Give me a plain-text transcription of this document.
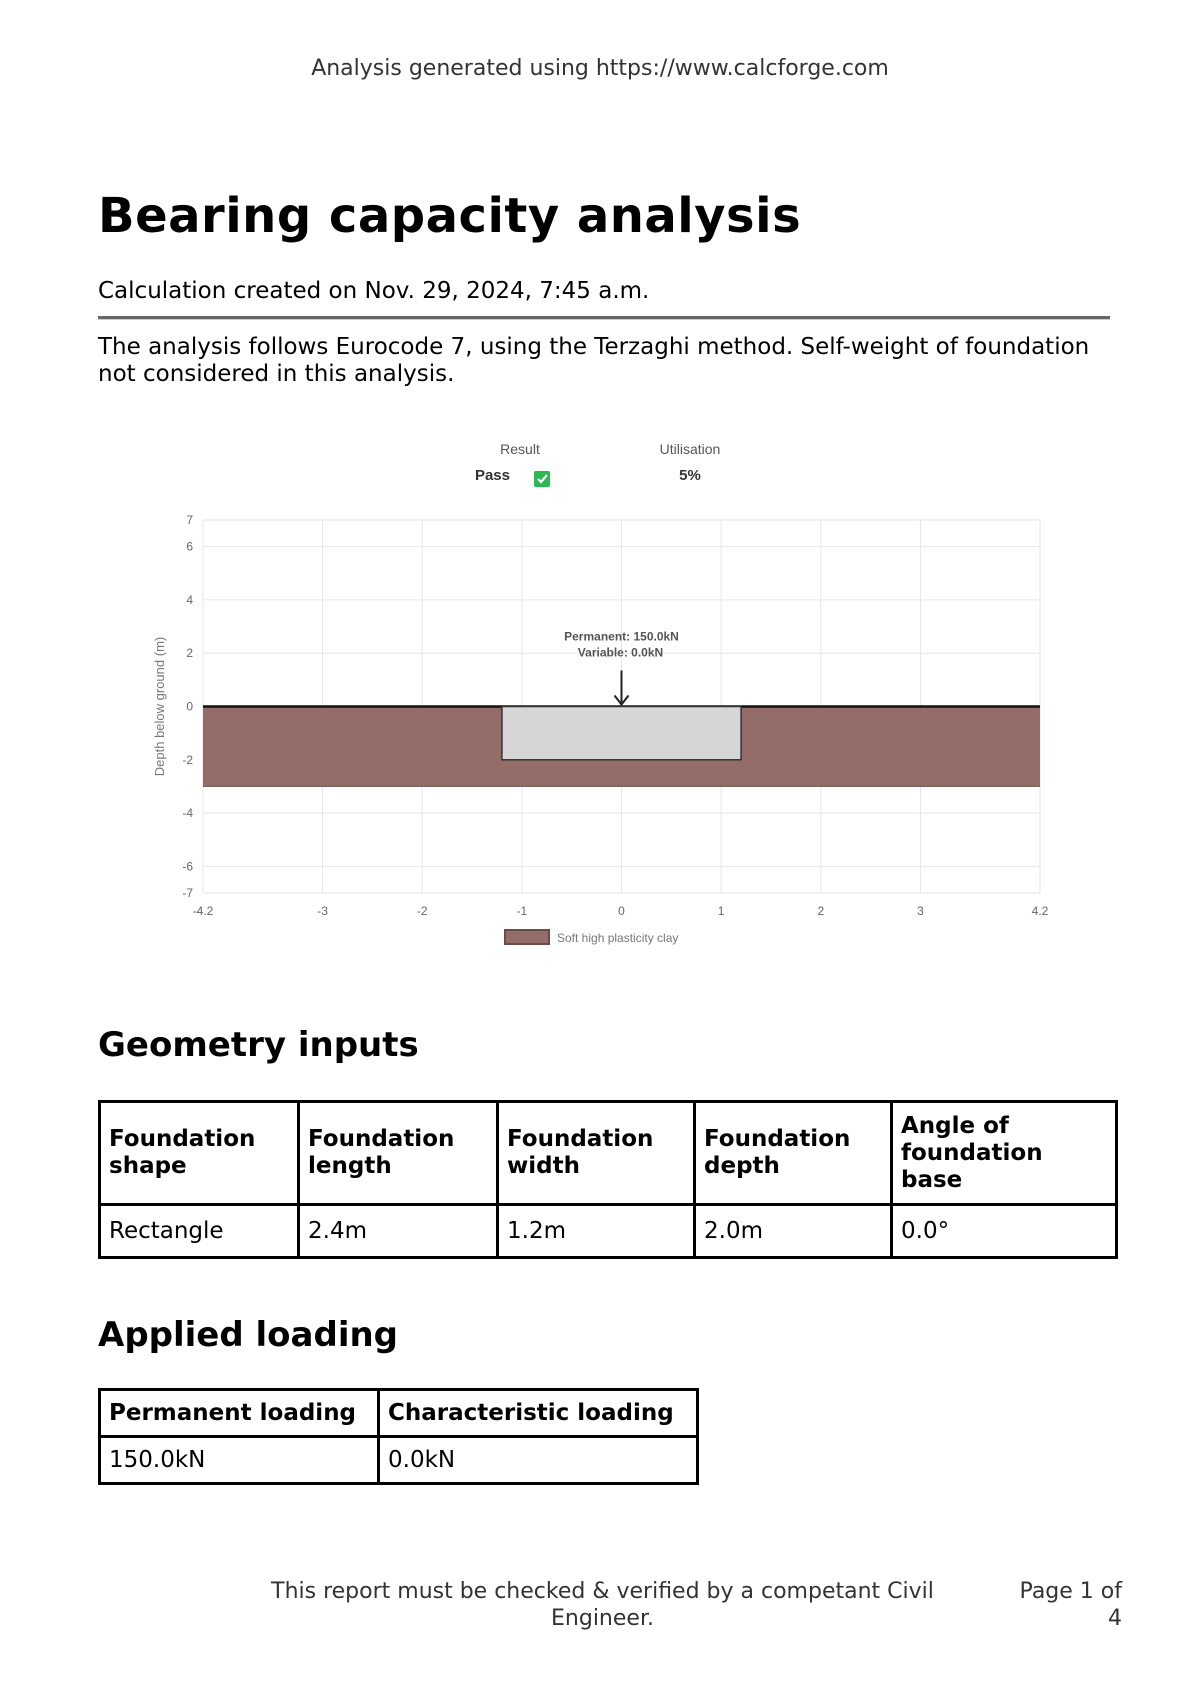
Analysis generated using https://www.calcforge.com
Bearing capacity analysis
Calculation created on Nov. 29, 2024, 7:45 a.m.
The analysis follows Eurocode 7, using the Terzaghi method. Self-weight of foundation not considered in this analysis.
Result
Pass
Utilisation
5%
-4.2	-3	-2	-1	0	1	2	3	4.2
-7
-6
-4
-2
0
2
4
6
7
Depth below ground (m)
Permanent: 150.0kN
Variable: 0.0kN
Soft high plasticity clay
Geometry inputs
Foundation shape	Foundation length	Foundation width	Foundation depth	Angle of foundation base
Rectangle	2.4m	1.2m	2.0m	0.0°
Applied loading
Permanent loading	Characteristic loading
150.0kN	0.0kN
This report must be checked & verified by a competant Civil Engineer.
Page 1 of 4
